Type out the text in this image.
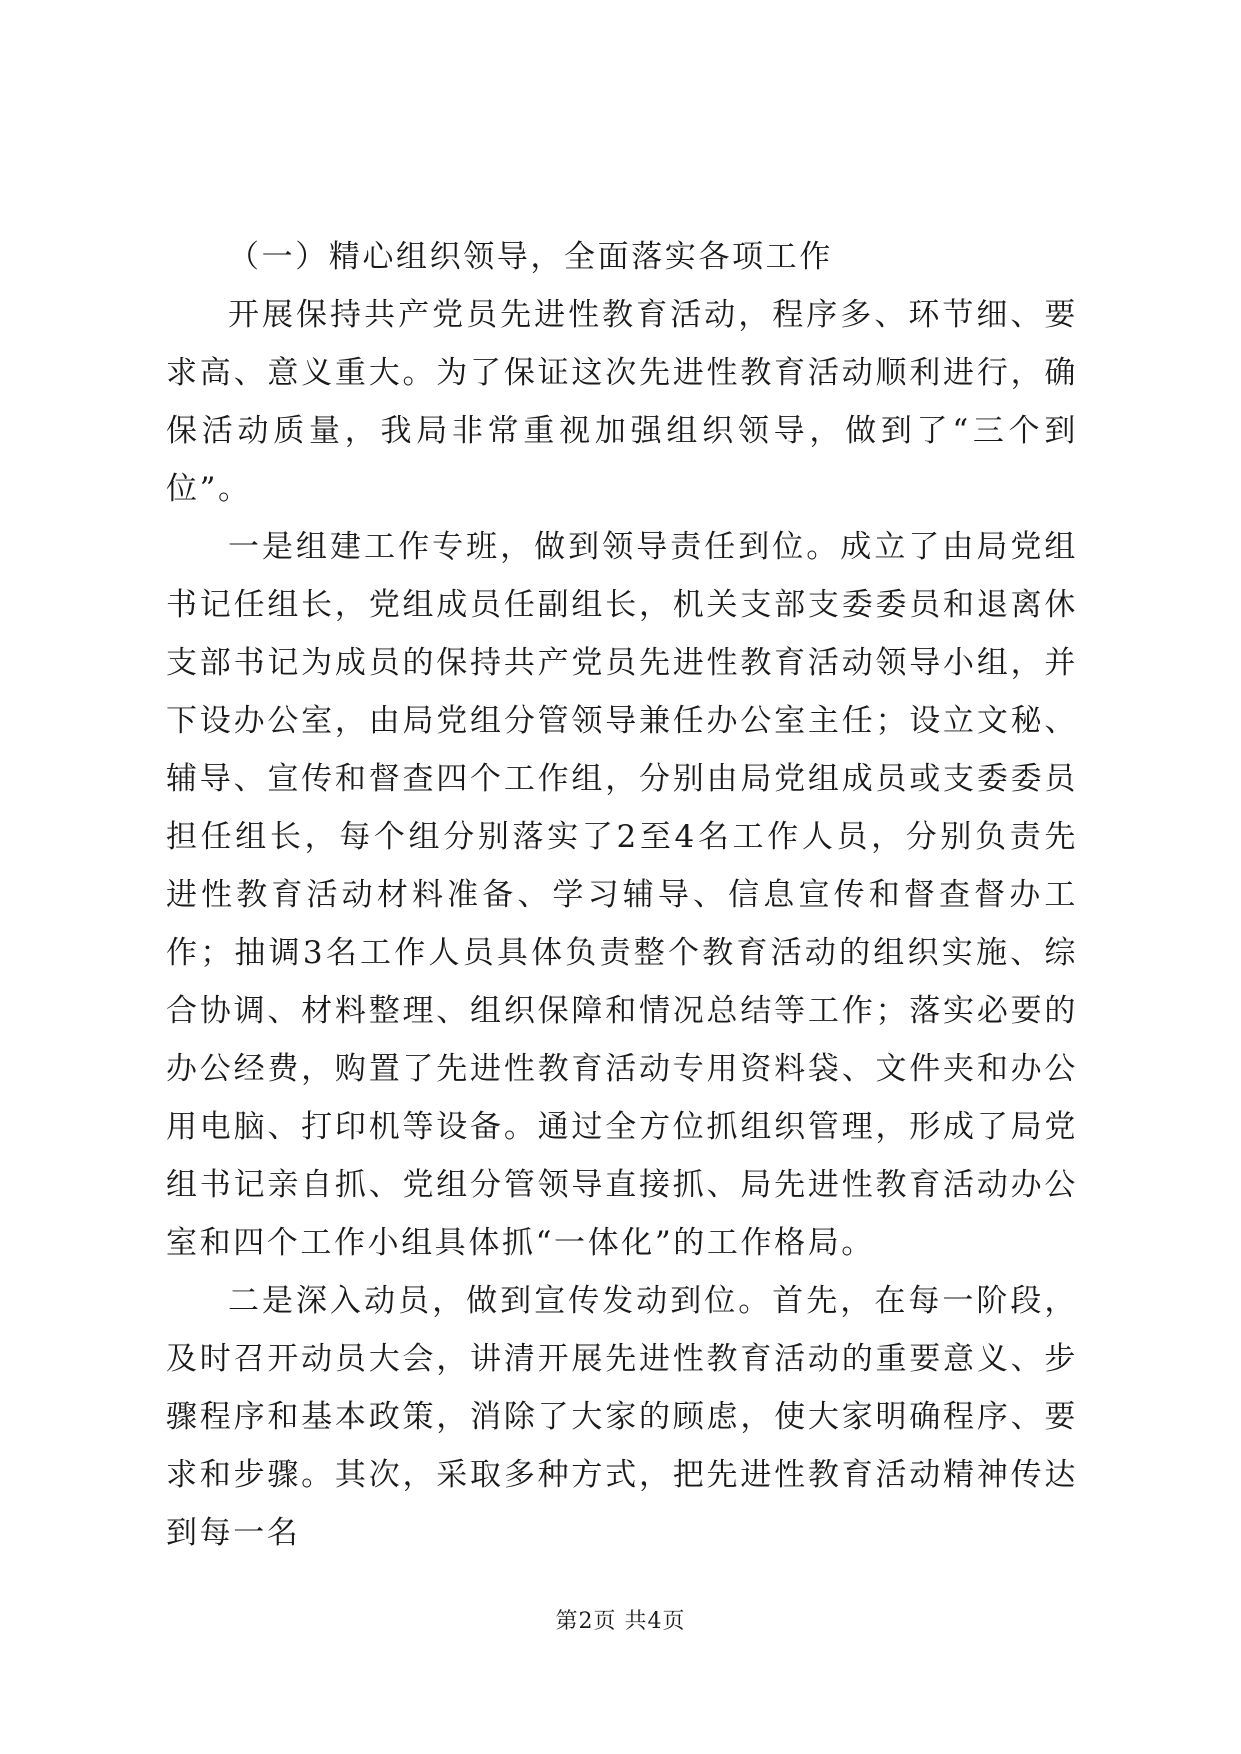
（一）精心组织领导，全面落实各项工作

开展保持共产党员先进性教育活动，程序多、环节细、要求高、意义重大。为了保证这次先进性教育活动顺利进行，确保活动质量，我局非常重视加强组织领导，做到了“三个到位”。

一是组建工作专班，做到领导责任到位。成立了由局党组书记任组长，党组成员任副组长，机关支部支委委员和退离休支部书记为成员的保持共产党员先进性教育活动领导小组，并下设办公室，由局党组分管领导兼任办公室主任；设立文秘、辅导、宣传和督查四个工作组，分别由局党组成员或支委委员担任组长，每个组分别落实了2至4名工作人员，分别负责先进性教育活动材料准备、学习辅导、信息宣传和督查督办工作；抽调3名工作人员具体负责整个教育活动的组织实施、综合协调、材料整理、组织保障和情况总结等工作；落实必要的办公经费，购置了先进性教育活动专用资料袋、文件夹和办公用电脑、打印机等设备。通过全方位抓组织管理，形成了局党组书记亲自抓、党组分管领导直接抓、局先进性教育活动办公室和四个工作小组具体抓“一体化”的工作格局。

二是深入动员，做到宣传发动到位。首先，在每一阶段，及时召开动员大会，讲清开展先进性教育活动的重要意义、步骤程序和基本政策，消除了大家的顾虑，使大家明确程序、要求和步骤。其次，采取多种方式，把先进性教育活动精神传达到每一名

第2页 共4页
